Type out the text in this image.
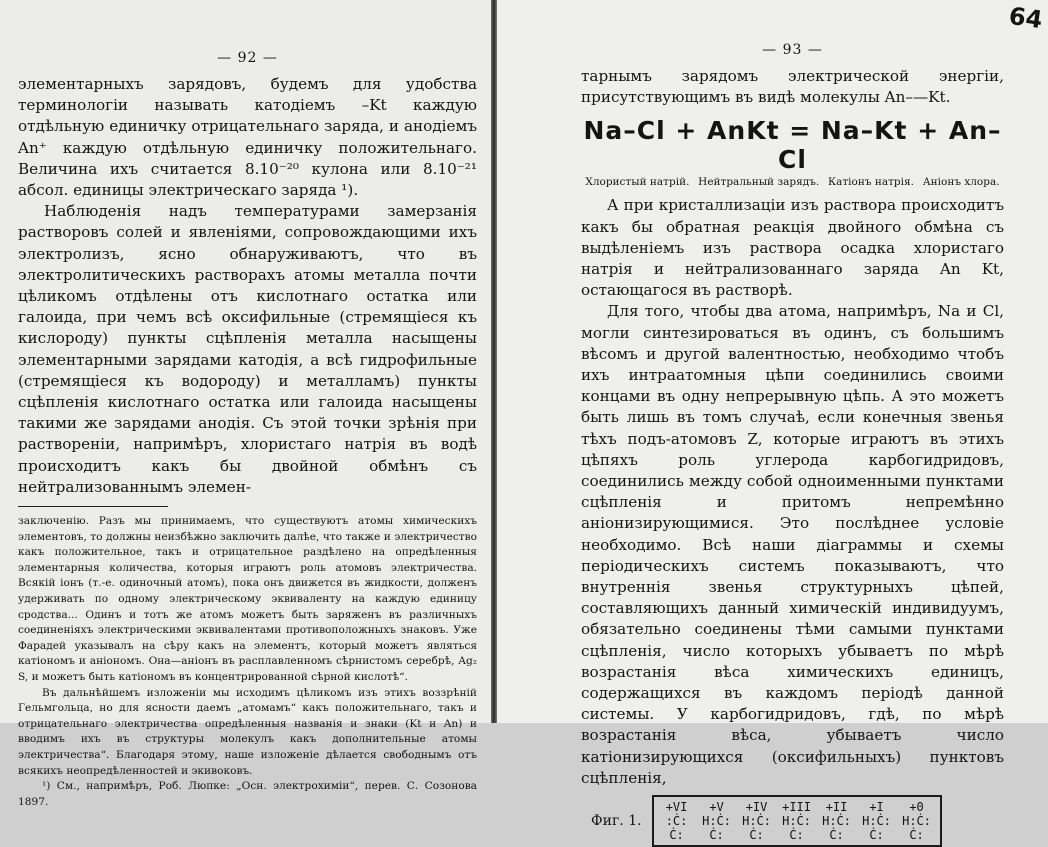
— 92 —

элементарныхъ зарядовъ, будемъ для удобства терминологіи называть катодіемъ –Kt каждую отдѣльную единичку отрицательнаго заряда, и анодіемъ An⁺ каждую отдѣльную единичку положительнаго. Величина ихъ считается 8.10⁻²⁰ кулона или 8.10⁻²¹ абсол. единицы электрическаго заряда ¹).

Наблюденія надъ температурами замерзанія растворовъ солей и явленіями, сопровождающими ихъ электролизъ, ясно обнаруживаютъ, что въ электролитическихъ растворахъ атомы металла почти цѣликомъ отдѣлены отъ кислотнаго остатка или галоида, при чемъ всѣ оксифильные (стремящіеся къ кислороду) пункты сцѣпленія металла насыщены элементарными зарядами катодія, а всѣ гидрофильные (стремящіеся къ водороду) и металламъ) пункты сцѣпленія кислотнаго остатка или галоида насыщены такими же зарядами анодія. Съ этой точки зрѣнія при раствореніи, напримѣръ, хлористаго натрія въ водѣ происходитъ какъ бы двойной обмѣнъ съ нейтрализованнымъ элемен-

заключенію. Разъ мы принимаемъ, что существуютъ атомы химическихъ элементовъ, то должны неизбѣжно заключить далѣе, что также и электричество какъ положительное, такъ и отрицательное раздѣлено на опредѣленныя элементарныя количества, которыя играютъ роль атомовъ электричества. Всякій іонъ (т.-е. одиночный атомъ), пока онъ движется въ жидкости, долженъ удерживать по одному электрическому эквиваленту на каждую единицу сродства... Одинъ и тотъ же атомъ можетъ быть заряженъ въ различныхъ соединеніяхъ электрическими эквивалентами противоположныхъ знаковъ. Уже Фарадей указывалъ на сѣру какъ на элементъ, который можетъ являться катіономъ и аніономъ. Она—аніонъ въ расплавленномъ сѣрнистомъ серебрѣ, Ag₂ S, и можетъ быть катіономъ въ концентрированной сѣрной кислотѣ“.

Въ дальнѣйшемъ изложеніи мы исходимъ цѣликомъ изъ этихъ воззрѣній Гельмгольца, но для ясности даемъ „атомамъ“ какъ положительнаго, такъ и отрицательнаго электричества опредѣленныя названія и знаки (Kt и An) и вводимъ ихъ въ структуры молекулъ какъ дополнительные атомы электричества“. Благодаря этому, наше изложеніе дѣлается свободнымъ отъ всякихъ неопредѣленностей и экивоковъ.

¹) См., напримѣръ, Роб. Люпке: „Осн. электрохиміи“, перев. С. Созонова 1897.

— 93 —

тарнымъ зарядомъ электрической энергіи, присутствующимъ въ видѣ молекулы An–—Kt.

Na–Cl + AnKt = Na–Kt + An–Cl
Хлористый натрій. Нейтральный зарядъ. Катіонъ натрія. Аніонъ хлора.

А при кристаллизаціи изъ раствора происходитъ какъ бы обратная реакція двойного обмѣна съ выдѣленіемъ изъ раствора осадка хлористаго натрія и нейтрализованнаго заряда An Kt, остающагося въ растворѣ.

Для того, чтобы два атома, напримѣръ, Na и Cl, могли синтезироваться въ одинъ, съ большимъ вѣсомъ и другой валентностью, необходимо чтобъ ихъ интраатомныя цѣпи соединились своими концами въ одну непрерывную цѣпь. А это можетъ быть лишь въ томъ случаѣ, если конечныя звенья тѣхъ подъ-атомовъ Z, которые играютъ въ этихъ цѣпяхъ роль углерода карбогидридовъ, соединились между собой одноименными пунктами сцѣпленія и притомъ непремѣнно аніонизирующимися. Это послѣднее условіе необходимо. Всѣ наши діаграммы и схемы періодическихъ системъ показываютъ, что внутреннія звенья структурныхъ цѣпей, составляющихъ данный химическій индивидуумъ, обязательно соединены тѣми самыми пунктами сцѣпленія, число которыхъ убываетъ по мѣрѣ возрастанія вѣса химическихъ единицъ, содержащихся въ каждомъ періодѣ данной системы. У карбогидридовъ, гдѣ, по мѣрѣ возрастанія вѣса, убываетъ число катіонизирующихся (оксифильныхъ) пунктовъ сцѣпленія,

Фиг. 1.
+VI
:Ċ:
Ċ:
+V
H:Ċ:
Ċ:
+IV
H:Ċ:
Ċ:
+III
H:Ċ:
Ċ:
+II
H:Ċ:
Ċ:
+I
H:Ċ:
Ċ:
+0
H:Ċ:
Ċ:
64
